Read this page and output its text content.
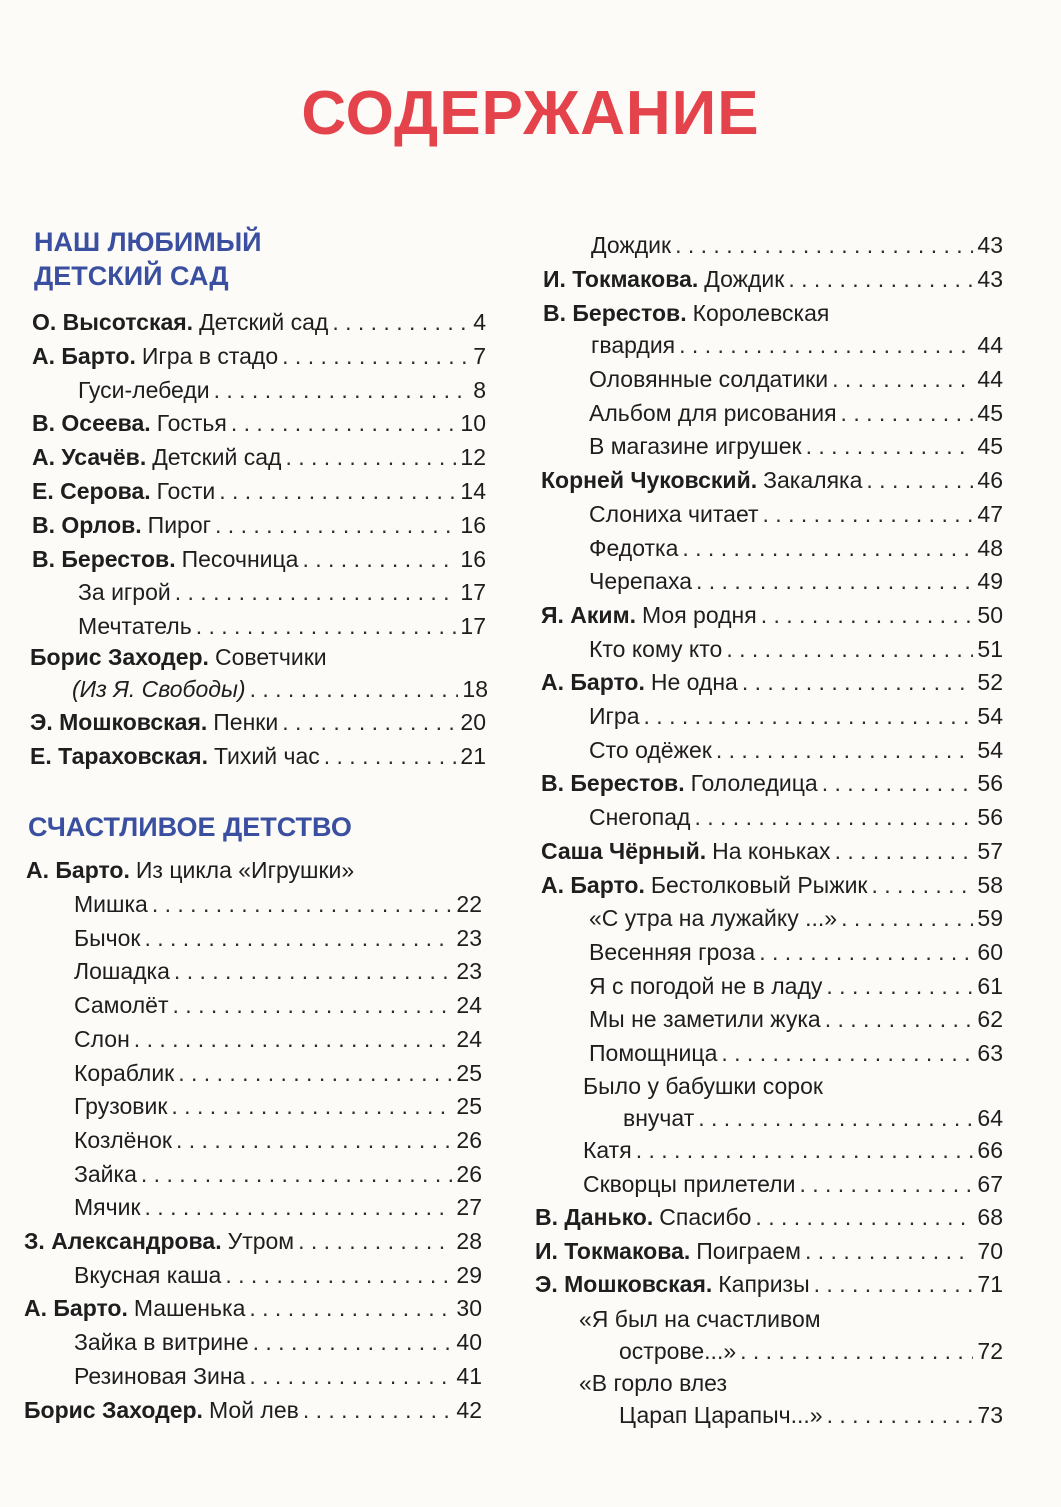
СОДЕРЖАНИЕ
НАШ ЛЮБИМЫЙ
ДЕТСКИЙ САД
О. Высотская. Детский сад . . .	4
А. Барто. Игра в стадо . . .	7
Гуси-лебеди . . .	8
В. Осеева. Гостья . . .	10
А. Усачёв. Детский сад . . .	12
Е. Серова. Гости . . .	14
В. Орлов. Пирог . . .	16
В. Берестов. Песочница . . .	16
За игрой . . .	17
Мечтатель . . .	17
Борис Заходер. Советчики
(Из Я. Свободы) . . .	18
Э. Мошковская. Пенки . . .	20
Е. Тараховская. Тихий час . . .	21
СЧАСТЛИВОЕ ДЕТСТВО
А. Барто. Из цикла «Игрушки»
Мишка . . .	22
Бычок . . .	23
Лошадка . . .	23
Самолёт . . .	24
Слон . . .	24
Кораблик . . .	25
Грузовик . . .	25
Козлёнок . . .	26
Зайка . . .	26
Мячик . . .	27
З. Александрова. Утром . . .	28
Вкусная каша . . .	29
А. Барто. Машенька . . .	30
Зайка в витрине . . .	40
Резиновая Зина . . .	41
Борис Заходер. Мой лев . . .	42
Дождик . . .	43
И. Токмакова. Дождик . . .	43
В. Берестов. Королевская
гвардия . . .	44
Оловянные солдатики . . .	44
Альбом для рисования . . .	45
В магазине игрушек . . .	45
Корней Чуковский. Закаляка . . .	46
Слониха читает . . .	47
Федотка . . .	48
Черепаха . . .	49
Я. Аким. Моя родня . . .	50
Кто кому кто . . .	51
А. Барто. Не одна . . .	52
Игра . . .	54
Сто одёжек . . .	54
В. Берестов. Гололедица . . .	56
Снегопад . . .	56
Саша Чёрный. На коньках . . .	57
А. Барто. Бестолковый Рыжик . . .	58
«С утра на лужайку ...» . . .	59
Весенняя гроза . . .	60
Я с погодой не в ладу . . .	61
Мы не заметили жука . . .	62
Помощница . . .	63
Было у бабушки сорок
внучат . . .	64
Катя . . .	66
Скворцы прилетели . . .	67
В. Данько. Спасибо . . .	68
И. Токмакова. Поиграем . . .	70
Э. Мошковская. Капризы . . .	71
«Я был на счастливом
острове...» . . .	72
«В горло влез
Царап Царапыч...» . . .	73
